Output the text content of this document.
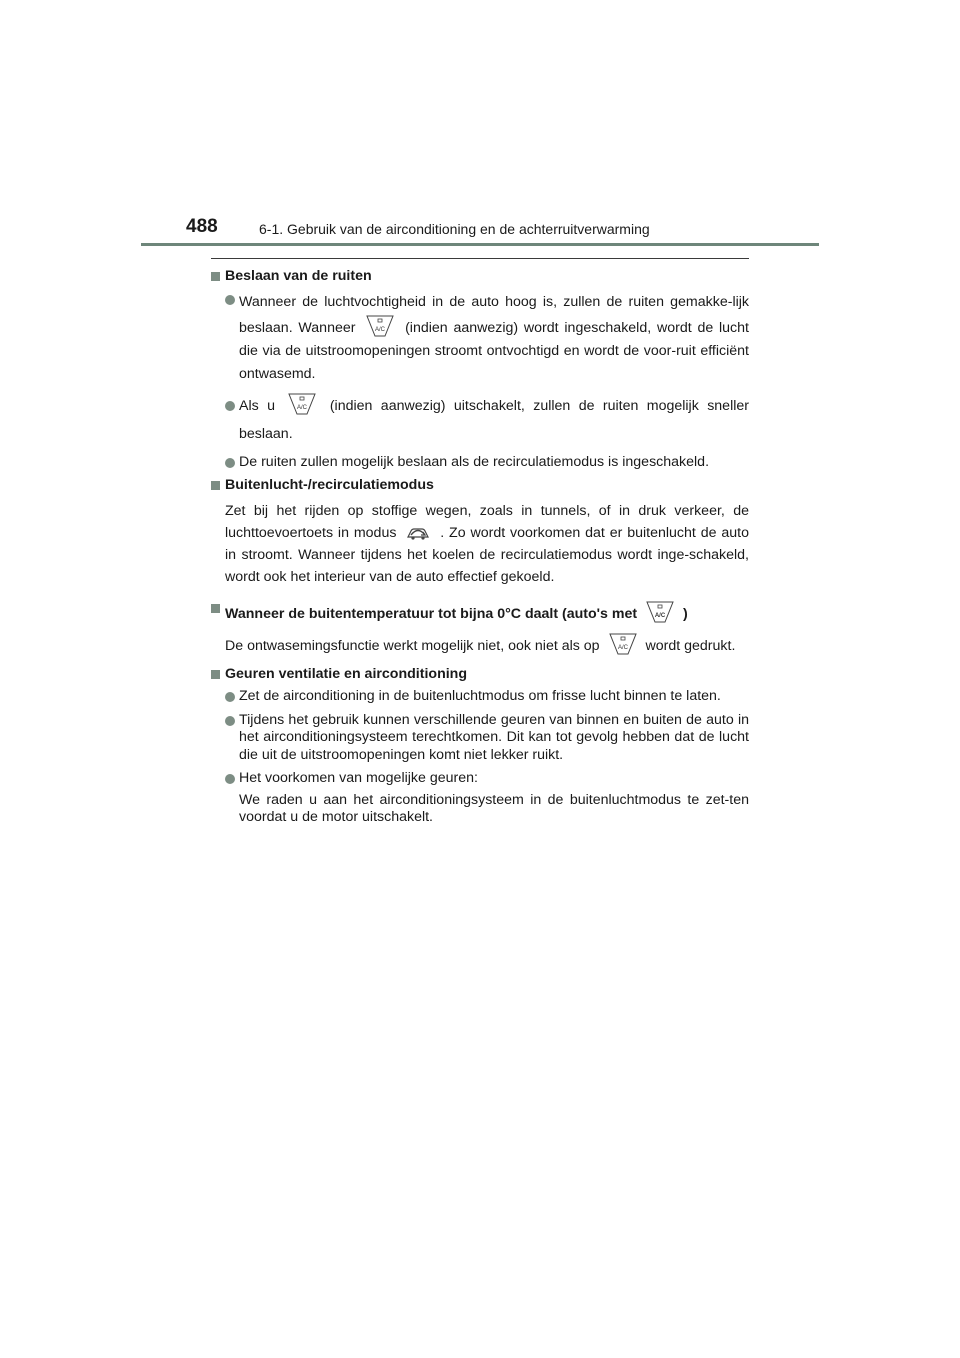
488	6-1. Gebruik van de airconditioning en de achterruitverwarming
Beslaan van de ruiten
Wanneer de luchtvochtigheid in de auto hoog is, zullen de ruiten gemakke-lijk beslaan. Wanneer	A/C (indien aanwezig) wordt ingeschakeld, wordt de lucht die via de uitstroomopeningen stroomt ontvochtigd en wordt de voor-ruit efficiënt ontwasemd.
Als u	A/C (indien aanwezig) uitschakelt, zullen de ruiten mogelijk sneller beslaan.
De ruiten zullen mogelijk beslaan als de recirculatiemodus is ingeschakeld.
Buitenlucht-/recirculatiemodus
Zet bij het rijden op stoffige wegen, zoals in tunnels, of in druk verkeer, de luchttoevoertoets in modus	. Zo wordt voorkomen dat er buitenlucht de auto in stroomt. Wanneer tijdens het koelen de recirculatiemodus wordt inge-schakeld, wordt ook het interieur van de auto effectief gekoeld.
Wanneer de buitentemperatuur tot bijna 0°C daalt (auto's met	A/C )
De ontwasemingsfunctie werkt mogelijk niet, ook niet als op	A/C wordt gedrukt.
Geuren ventilatie en airconditioning
Zet de airconditioning in de buitenluchtmodus om frisse lucht binnen te laten.
Tijdens het gebruik kunnen verschillende geuren van binnen en buiten de auto in het airconditioningsysteem terechtkomen. Dit kan tot gevolg hebben dat de lucht die uit de uitstroomopeningen komt niet lekker ruikt.
Het voorkomen van mogelijke geuren:
We raden u aan het airconditioningsysteem in de buitenluchtmodus te zet-ten voordat u de motor uitschakelt.
